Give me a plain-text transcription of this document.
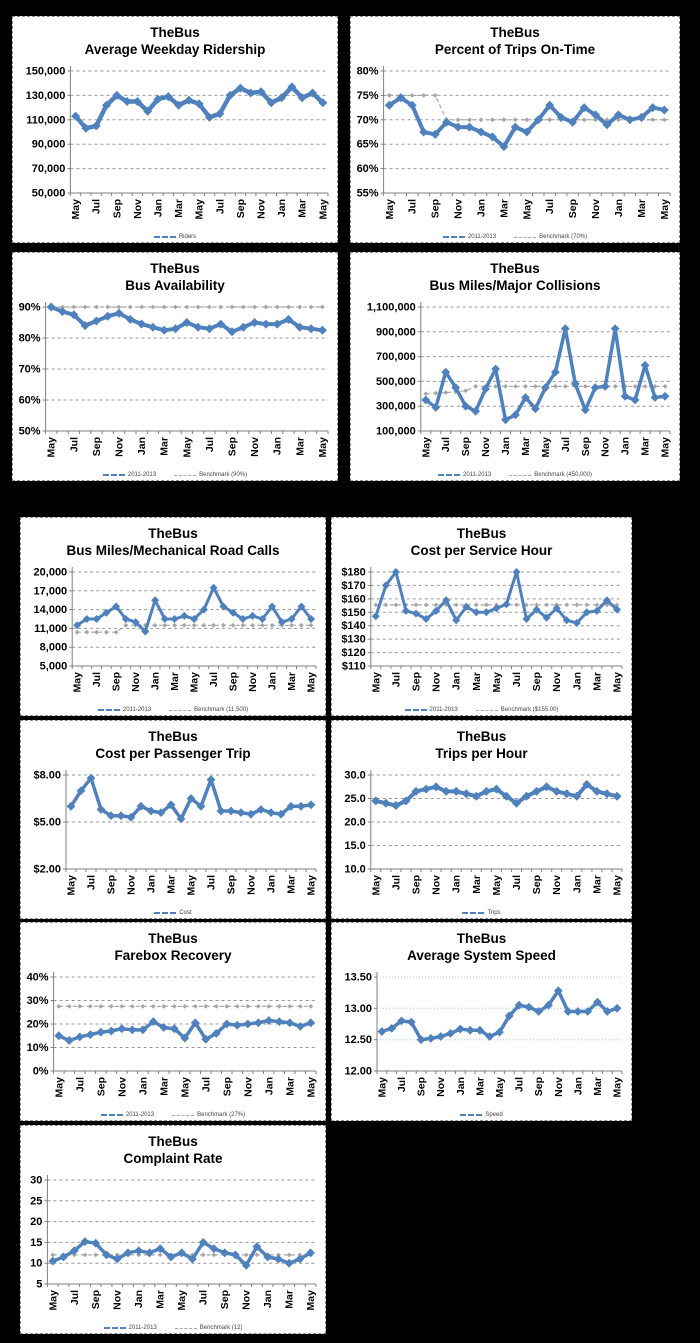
TheBus
Average Weekday Ridership
150,000
130,000
110,000
90,000
70,000
50,000
May Jul Sep Nov Jan Mar May Jul Sep Nov Jan Mar May
Riders
TheBus
Percent of Trips On-Time
80%
75%
70%
65%
60%
55%
May Jul Sep Nov Jan Mar May Jul Sep Nov Jan Mar May
2011-2013	Benchmark (70%)
TheBus
Bus Availability
90%
80%
70%
60%
50%
May Jul Sep Nov Jan Mar May Jul Sep Nov Jan Mar May
2011-2013	Benchmark (90%)
TheBus
Bus Miles/Major Collisions
1,100,000
900,000
700,000
500,000
300,000
100,000
May Jul Sep Nov Jan Mar May Jul Sep Nov Jan Mar May
2011-2013	Benchmark (450,000)
TheBus
Bus Miles/Mechanical Road Calls
20,000
17,000
14,000
11,000
8,000
5,000
May Jul Sep Nov Jan Mar May Jul Sep Nov Jan Mar May
2011-2013	Benchmark (11,500)
TheBus
Cost per Service Hour
$180
$170
$160
$150
$140
$130
$120
$110
May Jul Sep Nov Jan Mar May Jul Sep Nov Jan Mar May
2011-2013	Benchmark ($155.00)
TheBus
Cost per Passenger Trip
$8.00
$5.00
$2.00
May Jul Sep Nov Jan Mar May Jul Sep Nov Jan Mar May
Cost
TheBus
Trips per Hour
30.0
25.0
20.0
15.0
10.0
May Jul Sep Nov Jan Mar May Jul Sep Nov Jan Mar May
Trips
TheBus
Farebox Recovery
40%
30%
20%
10%
0%
May Jul Sep Nov Jan Mar May Jul Sep Nov Jan Mar May
2011-2013	Benchmark (27%)
TheBus
Average System Speed
13.50
13.00
12.50
12.00
May Jul Sep Nov Jan Mar May Jul Sep Nov Jan Mar May
Speed
TheBus
Complaint Rate
30
25
20
15
10
5
May Jul Sep Nov Jan Mar May Jul Sep Nov Jan Mar May
2011-2013	Benchmark (12)
